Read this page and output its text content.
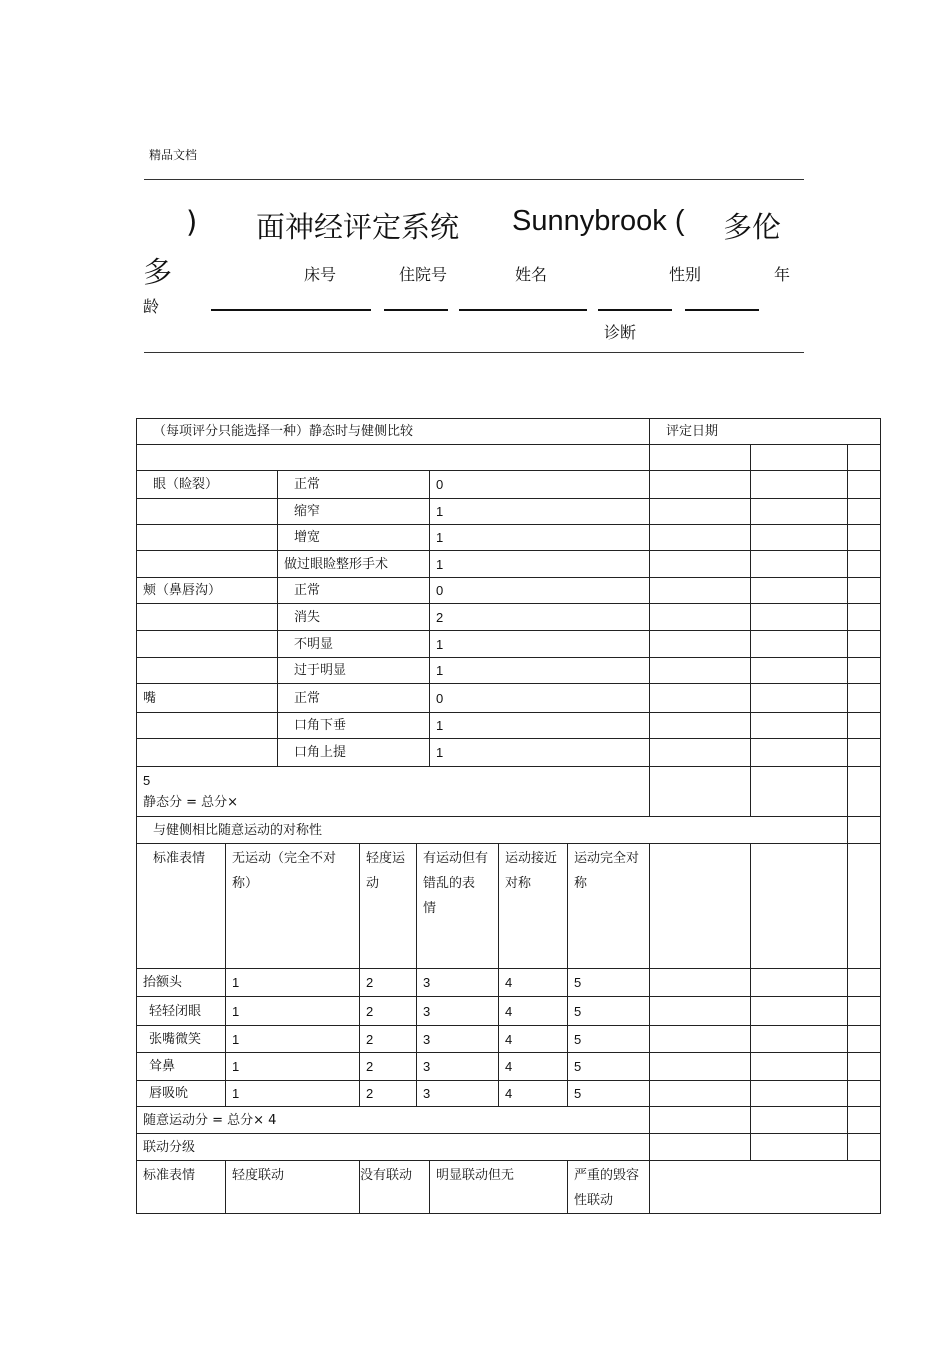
精品文档
) 面神经评定系统 Sunnybrook ( 多伦
多	床号	住院号	姓名	性别	年
龄
诊断
（每项评分只能选择一种）静态时与健侧比较								评定日期		

眼（睑裂）		正常			0					
		缩窄			1					
		增宽			1					
		做过眼睑整形手术			1					
颊（鼻唇沟）		正常			0					
		消失			2					
		不明显			1					
		过于明显			1					
嘴		正常			0					
		口角下垂			1					
		口角上提			1					

5
静态分 = 总分×										

与健侧相比随意运动的对称性										
标准表情	无运动（完全不对称）		轻度运动	有运动但有错乱的表 情		运动接近对称	运动完全对称			
抬额头	1		2	3		4	5			
轻轻闭眼	1		2	3		4	5			
张嘴微笑	1		2	3		4	5			
耸鼻	1		2	3		4	5			
唇吸吮	1		2	3		4	5			
随意运动分 = 总分× 4										
联动分级										
标准表情	轻度联动		没有联动		明显联动但无		严重的毁容性联动			
